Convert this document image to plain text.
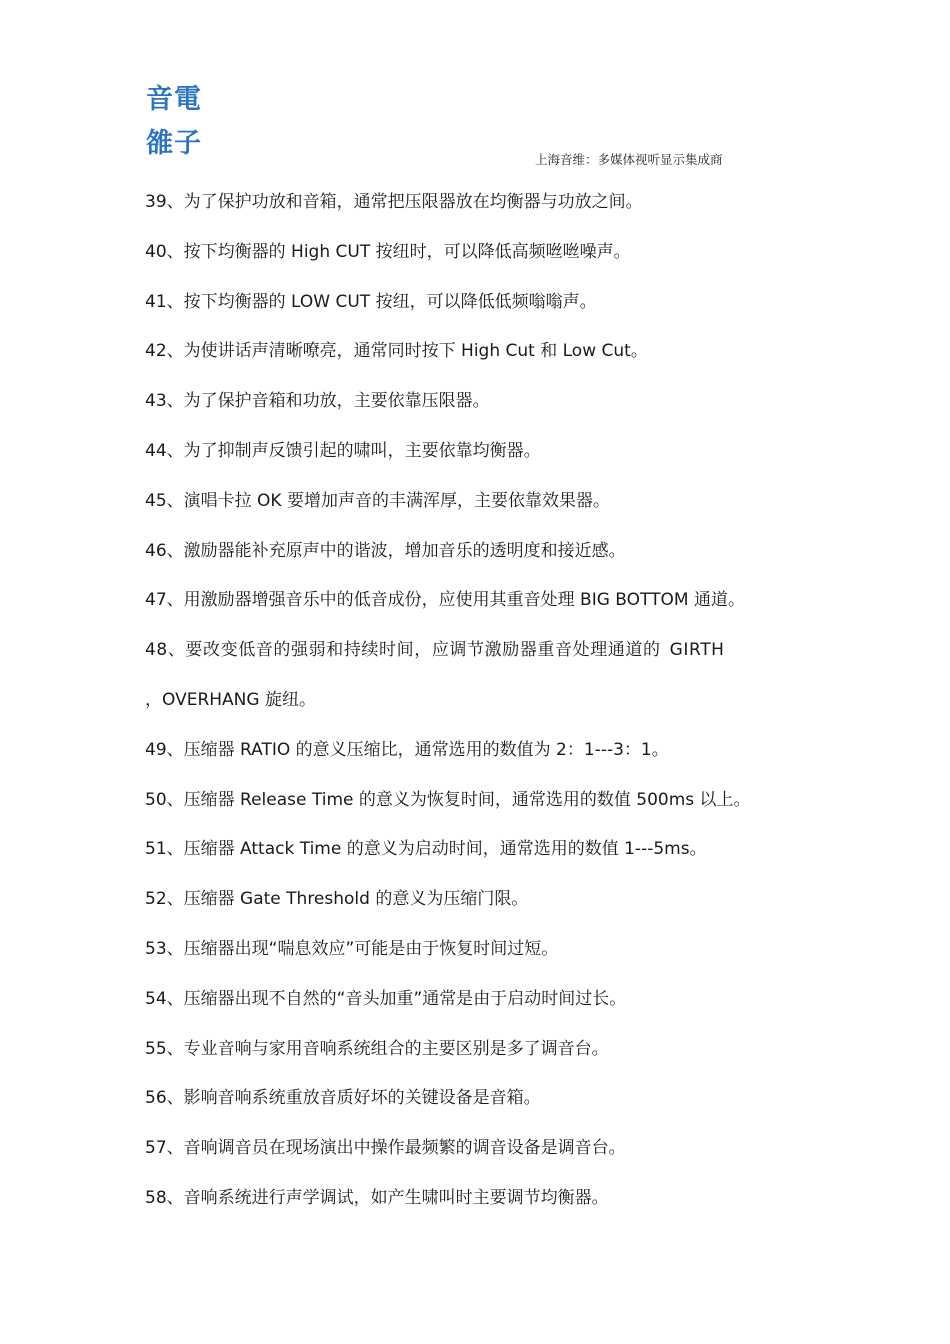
音電
雒子
上海音维：多媒体视听显示集成商
39、为了保护功放和音箱，通常把压限器放在均衡器与功放之间。
40、按下均衡器的 High CUT 按纽时，可以降低高频咝咝噪声。
41、按下均衡器的 LOW CUT 按纽，可以降低低频嗡嗡声。
42、为使讲话声清晰嘹亮，通常同时按下 High Cut 和 Low Cut。
43、为了保护音箱和功放，主要依靠压限器。
44、为了抑制声反馈引起的啸叫，主要依靠均衡器。
45、演唱卡拉 OK 要增加声音的丰满浑厚，主要依靠效果器。
46、激励器能补充原声中的谐波，增加音乐的透明度和接近感。
47、用激励器增强音乐中的低音成份，应使用其重音处理 BIG BOTTOM 通道。
48、要改变低音的强弱和持续时间，应调节激励器重音处理通道的 GIRTH
，OVERHANG 旋纽。
49、压缩器 RATIO 的意义压缩比，通常选用的数值为 2：1---3：1。
50、压缩器 Release Time 的意义为恢复时间，通常选用的数值 500ms 以上。
51、压缩器 Attack Time 的意义为启动时间，通常选用的数值 1---5ms。
52、压缩器 Gate Threshold 的意义为压缩门限。
53、压缩器出现“喘息效应”可能是由于恢复时间过短。
54、压缩器出现不自然的“音头加重”通常是由于启动时间过长。
55、专业音响与家用音响系统组合的主要区别是多了调音台。
56、影响音响系统重放音质好坏的关键设备是音箱。
57、音响调音员在现场演出中操作最频繁的调音设备是调音台。
58、音响系统进行声学调试，如产生啸叫时主要调节均衡器。
